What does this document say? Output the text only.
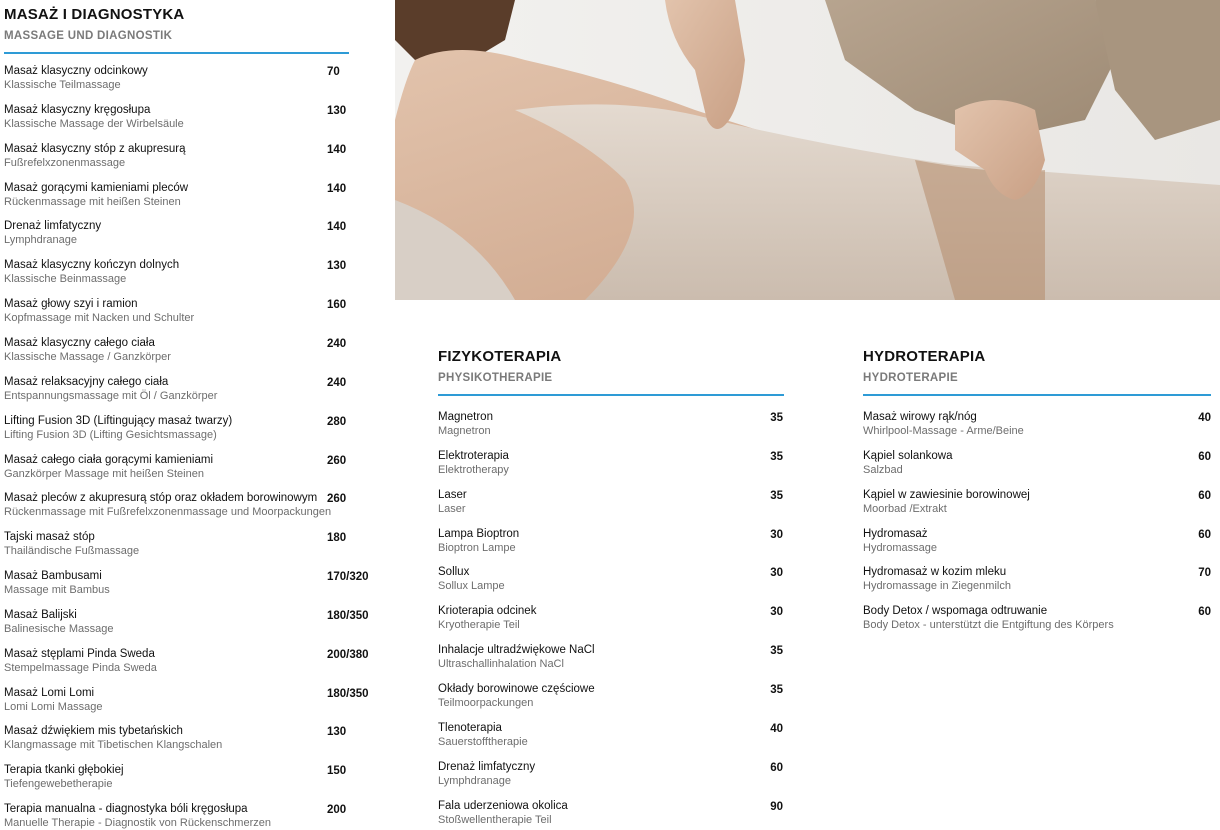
MASAŻ I DIAGNOSTYKA
MASSAGE UND DIAGNOSTIK
Masaż klasyczny odcinkowy
Klassische Teilmassage
70
Masaż klasyczny kręgosłupa
Klassische Massage der Wirbelsäule
130
Masaż klasyczny stóp z akupresurą
Fußrefelxzonenmassage
140
Masaż gorącymi kamieniami pleców
Rückenmassage mit heißen Steinen
140
Drenaż limfatyczny
Lymphdranage
140
Masaż klasyczny kończyn dolnych
Klassische Beinmassage
130
Masaż głowy szyi i ramion
Kopfmassage mit Nacken und Schulter
160
Masaż klasyczny całego ciała
Klassische Massage / Ganzkörper
240
Masaż relaksacyjny całego ciała
Entspannungsmassage mit Öl / Ganzkörper
240
Lifting Fusion 3D (Liftingujący masaż twarzy)
Lifting Fusion 3D (Lifting Gesichtsmassage)
280
Masaż całego ciała gorącymi kamieniami
Ganzkörper Massage mit heißen Steinen
260
Masaż pleców z akupresurą stóp oraz okładem borowinowym
Rückenmassage mit Fußrefelxzonenmassage und Moorpackungen
260
Tajski masaż stóp
Thailändische Fußmassage
180
Masaż Bambusami
Massage mit Bambus
170/320
Masaż Balijski
Balinesische Massage
180/350
Masaż stęplami Pinda Sweda
Stempelmassage Pinda Sweda
200/380
Masaż Lomi Lomi
Lomi Lomi Massage
180/350
Masaż dźwiękiem mis tybetańskich
Klangmassage mit Tibetischen Klangschalen
130
Terapia tkanki głębokiej
Tiefengewebetherapie
150
Terapia manualna - diagnostyka bóli kręgosłupa
Manuelle Therapie - Diagnostik von Rückenschmerzen
200
FIZYKOTERAPIA
PHYSIKOTHERAPIE
Magnetron
Magnetron
35
Elektroterapia
Elektrotherapy
35
Laser
Laser
35
Lampa Bioptron
Bioptron Lampe
30
Sollux
Sollux Lampe
30
Krioterapia odcinek
Kryotherapie Teil
30
Inhalacje ultradźwiękowe NaCl
Ultraschallinhalation NaCl
35
Okłady borowinowe częściowe
Teilmoorpackungen
35
Tlenoterapia
Sauerstofftherapie
40
Drenaż limfatyczny
Lymphdranage
60
Fala uderzeniowa okolica
Stoßwellentherapie Teil
90
HYDROTERAPIA
HYDROTERAPIE
Masaż wirowy rąk/nóg
Whirlpool-Massage - Arme/Beine
40
Kąpiel solankowa
Salzbad
60
Kąpiel w zawiesinie borowinowej
Moorbad /Extrakt
60
Hydromasaż
Hydromassage
60
Hydromasaż w kozim mleku
Hydromassage in Ziegenmilch
70
Body Detox / wspomaga odtruwanie
Body Detox - unterstützt die Entgiftung des Körpers
60
